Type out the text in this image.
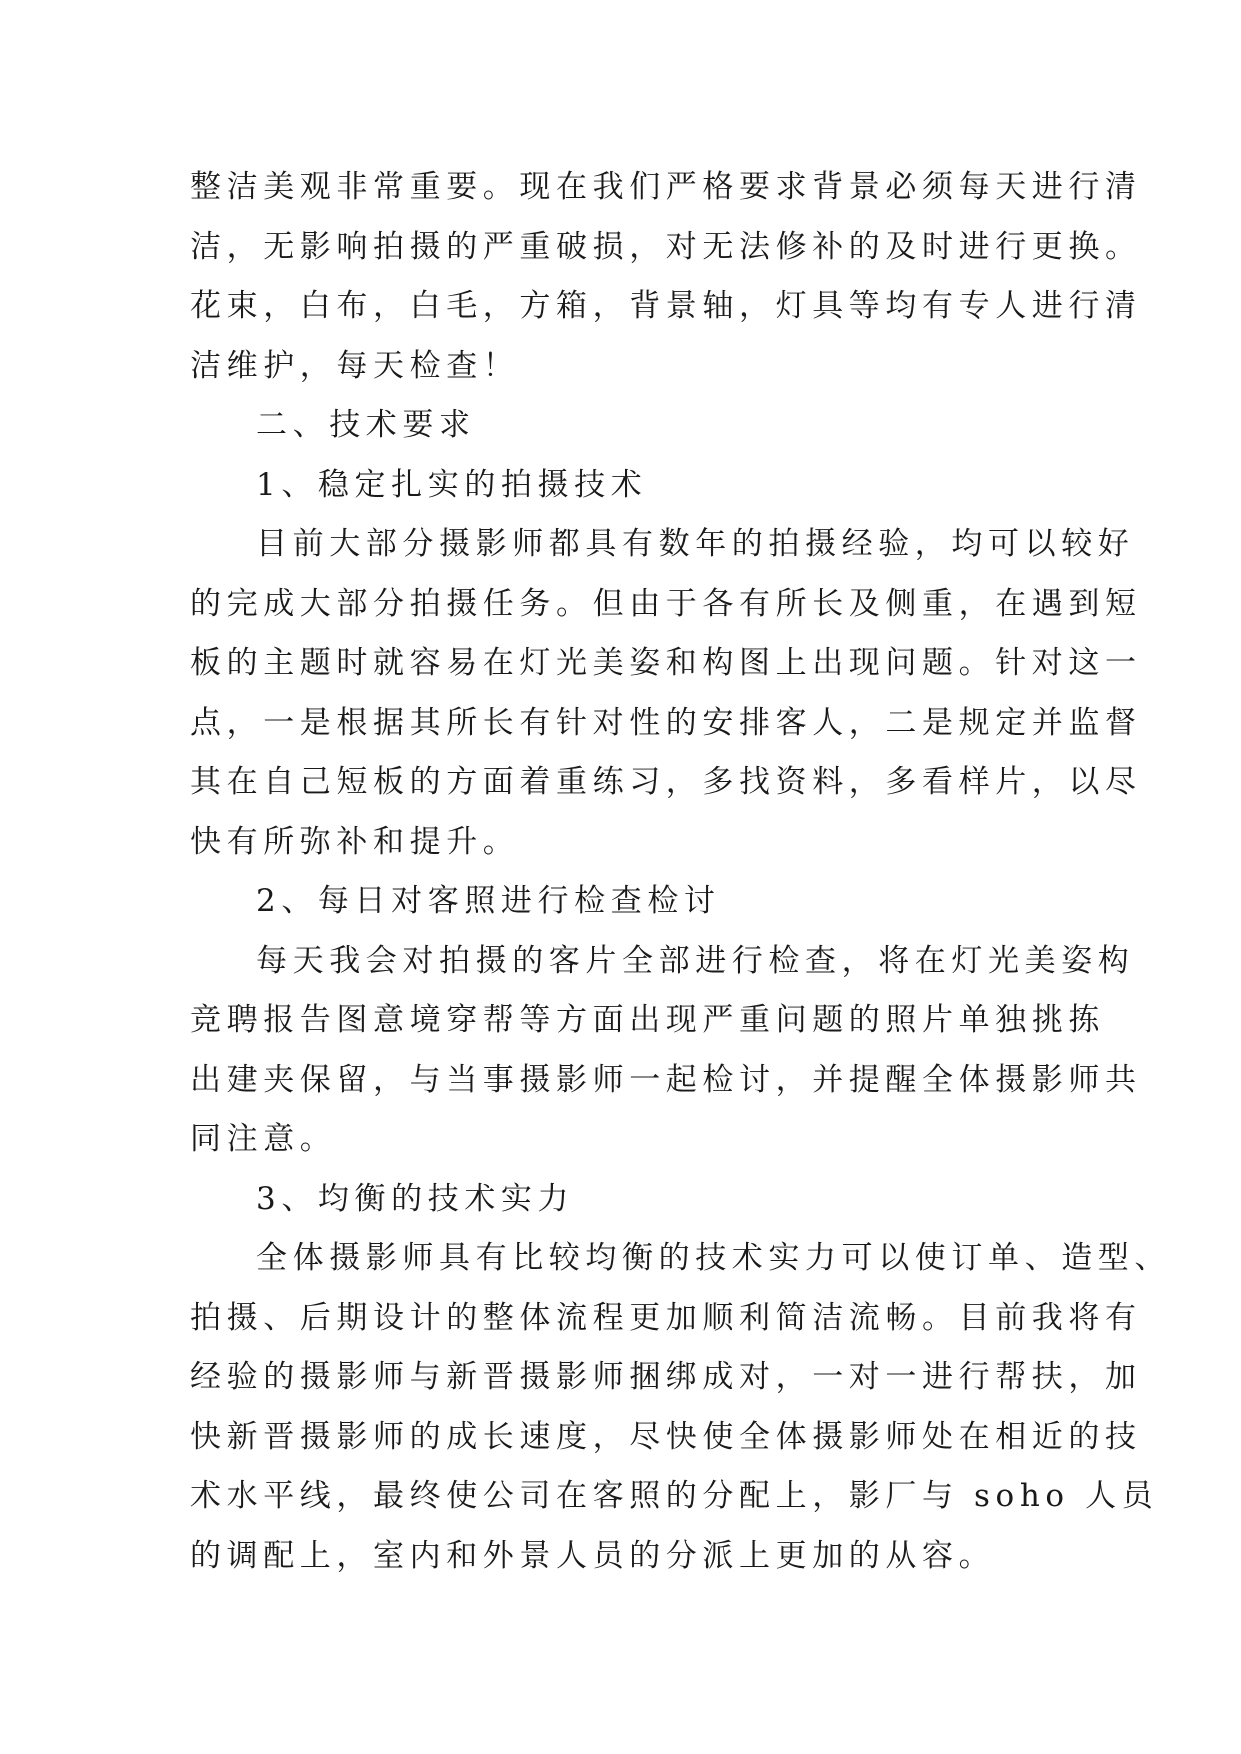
整洁美观非常重要。现在我们严格要求背景必须每天进行清
洁，无影响拍摄的严重破损，对无法修补的及时进行更换。
花束，白布，白毛，方箱，背景轴，灯具等均有专人进行清
洁维护，每天检查！
二、技术要求
1、稳定扎实的拍摄技术
目前大部分摄影师都具有数年的拍摄经验，均可以较好
的完成大部分拍摄任务。但由于各有所长及侧重，在遇到短
板的主题时就容易在灯光美姿和构图上出现问题。针对这一
点，一是根据其所长有针对性的安排客人，二是规定并监督
其在自己短板的方面着重练习，多找资料，多看样片，以尽
快有所弥补和提升。
2、每日对客照进行检查检讨
每天我会对拍摄的客片全部进行检查，将在灯光美姿构
竞聘报告图意境穿帮等方面出现严重问题的照片单独挑拣
出建夹保留，与当事摄影师一起检讨，并提醒全体摄影师共
同注意。
3、均衡的技术实力
全体摄影师具有比较均衡的技术实力可以使订单、造型、
拍摄、后期设计的整体流程更加顺利简洁流畅。目前我将有
经验的摄影师与新晋摄影师捆绑成对，一对一进行帮扶，加
快新晋摄影师的成长速度，尽快使全体摄影师处在相近的技
术水平线，最终使公司在客照的分配上，影厂与 soho 人员
的调配上，室内和外景人员的分派上更加的从容。
